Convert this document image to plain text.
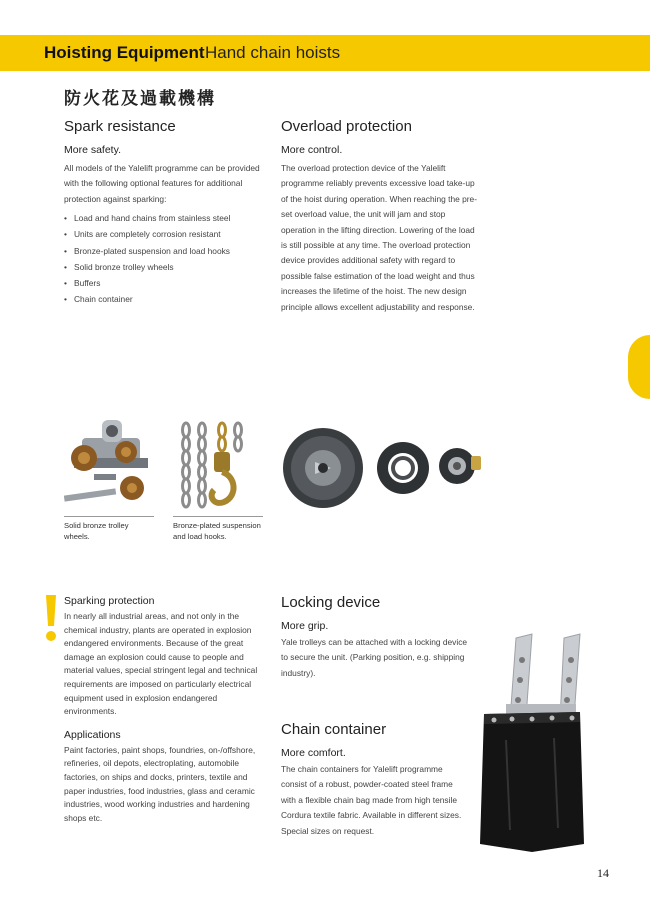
Hoisting Equipment Hand chain hoists
防火花及過載機構
Spark resistance
More safety.

All models of the Yalelift programme can be provided with the following optional features for additional protection against sparking:

• Load and hand chains from stainless steel
• Units are completely corrosion resistant
• Bronze-plated suspension and load hooks
• Solid bronze trolley wheels
• Buffers
• Chain container
Overload protection
More control.

The overload protection device of the Yalelift programme reliably prevents excessive load take-up of the hoist during operation. When reaching the pre-set overload value, the unit will jam and stop operation in the lifting direction. Lowering of the load is still possible at any time. The overload protection device provides additional safety with regard to possible false estimation of the load weight and thus increases the lifetime of the hoist. The new design principle allows excellent adjustability and response.

Solid bronze trolley wheels.
Bronze-plated suspension and load hooks.
Sparking protection

In nearly all industrial areas, and not only in the chemical industry, plants are operated in explosion endangered environments. Because of the great damage an explosion could cause to people and material values, special stringent legal and technical requirements are imposed on particularly electrical equipment used in explosion endangered environments.

Applications

Paint factories, paint shops, foundries, on-/offshore, refineries, oil depots, electroplating, automobile factories, on ships and docks, printers, textile and paper industries, food industries, glass and ceramic industries, wood working industries and hardening shops etc.

Locking device
More grip.

Yale trolleys can be attached with a locking device to secure the unit. (Parking position, e.g. shipping industry).

Chain container
More comfort.

The chain containers for Yalelift programme consist of a robust, powder-coated steel frame with a flexible chain bag made from high tensile Cordura textile fabric. Available in different sizes. Special sizes on request.

14
